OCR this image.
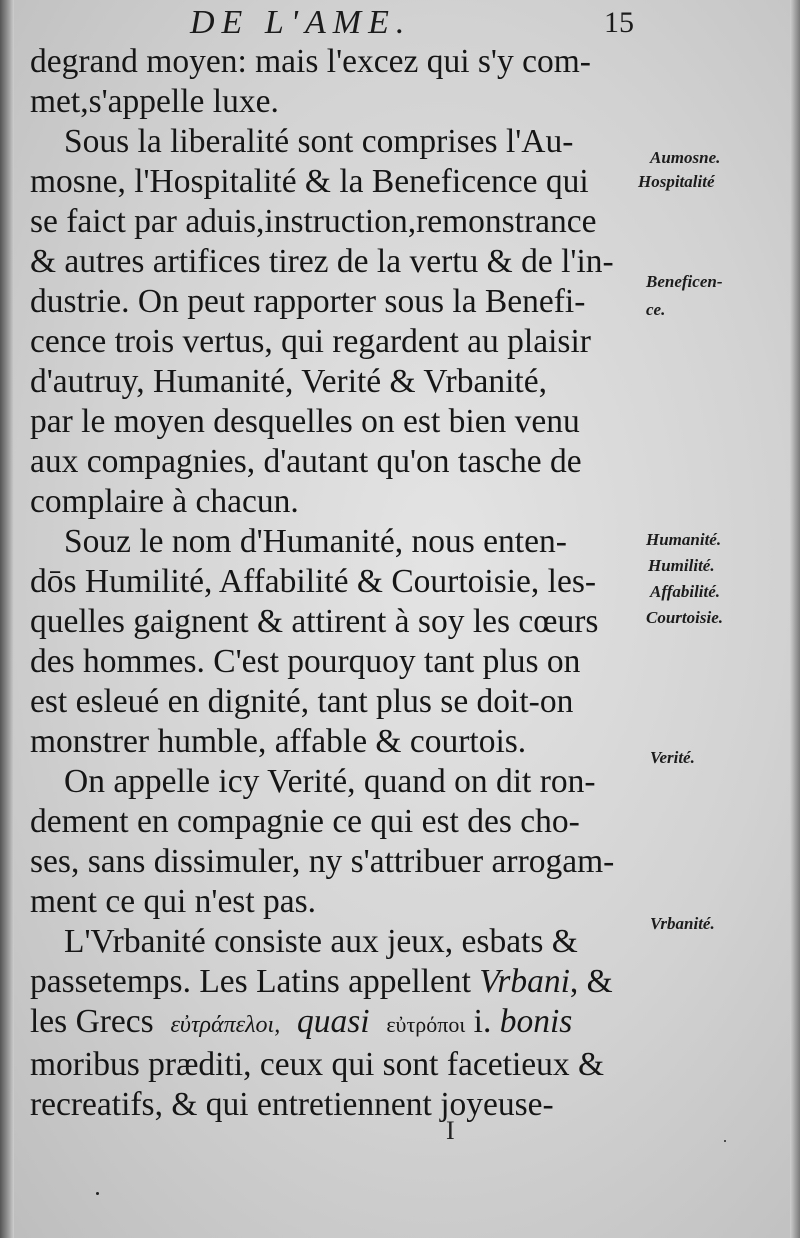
DE L'AME.	15
degrand moyen: mais l'excez qui s'y com-
met,s'appelle luxe.
Sous la liberalité sont comprises l'Au-
mosne, l'Hospitalité & la Beneficence qui
se faict par aduis,instruction,remonstrance
& autres artifices tirez de la vertu & de l'in-
dustrie. On peut rapporter sous la Benefi-
cence trois vertus, qui regardent au plaisir
d'autruy, Humanité, Verité & Vrbanité,
par le moyen desquelles on est bien venu
aux compagnies, d'autant qu'on tasche de
complaire à chacun.
Souz le nom d'Humanité, nous enten-
dōs Humilité, Affabilité & Courtoisie, les-
quelles gaignent & attirent à soy les cœurs
des hommes. C'est pourquoy tant plus on
est esleué en dignité, tant plus se doit-on
monstrer humble, affable & courtois.
On appelle icy Verité, quand on dit ron-
dement en compagnie ce qui est des cho-
ses, sans dissimuler, ny s'attribuer arrogam-
ment ce qui n'est pas.
L'Vrbanité consiste aux jeux, esbats &
passetemps. Les Latins appellent Vrbani, &
les Grecs εὐτράπελοι, quasi εὐτρόποι i. bonis
moribus præditi, ceux qui sont facetieux &
recreatifs, & qui entretiennent joyeuse-
Aumosne.
Hospitalité
Beneficen-
ce.
Humanité.
Humilité.
Affabilité.
Courtoisie.
Verité.
Vrbanité.
I
